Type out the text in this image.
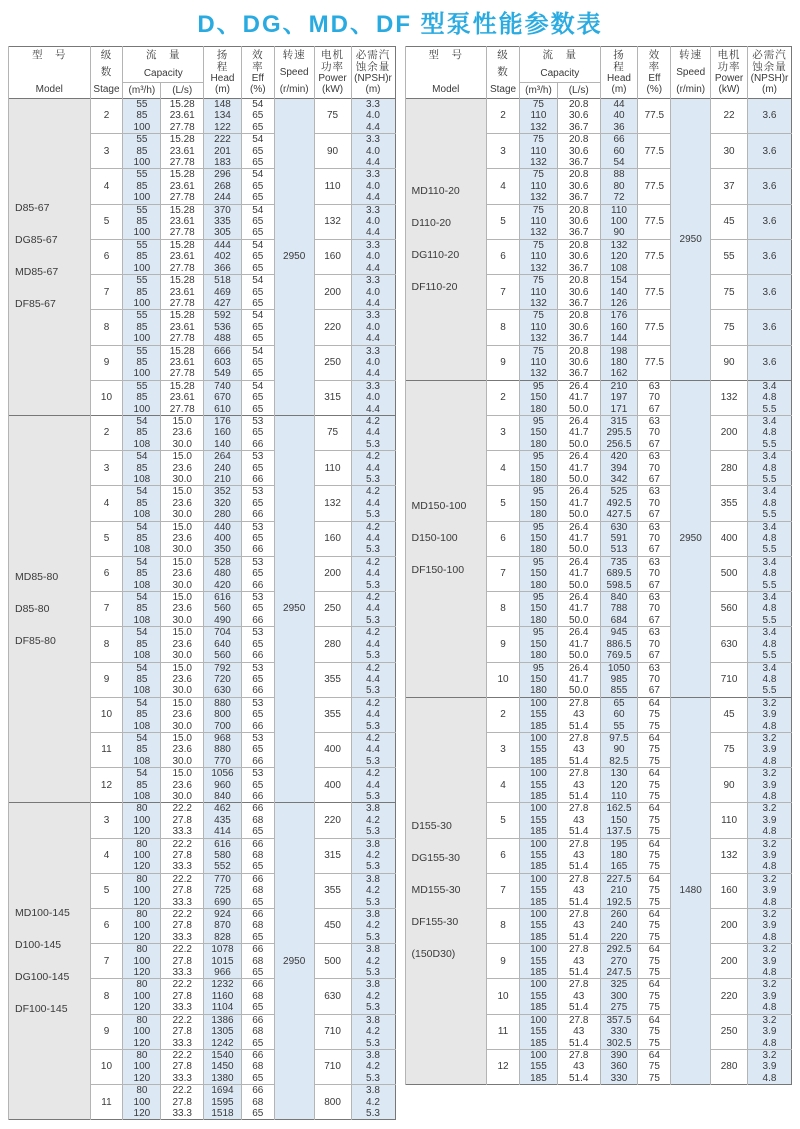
D、DG、MD、DF 型泵性能参数表
型　号
Model

级
数
Stage

流　量
Capacity

扬
程
Head
(m)

效
率
Eff
(%)

转速
Speed
(r/min)

电机
功率
Power
(kW)

必需汽
蚀余量
(NPSH)r
(m)

		(m³/h)	(L/s)					

D85-67
DG85-67
MD85-67
DF85-67	2	55	15.28	148	54	2950	75	3.3
		85	23.61	134	65			4.0
		100	27.78	122	65			4.4
	3	55	15.28	222	54		90	3.3
		85	23.61	201	65			4.0
		100	27.78	183	65			4.4
	4	55	15.28	296	54		110	3.3
		85	23.61	268	65			4.0
		100	27.78	244	65			4.4
	5	55	15.28	370	54		132	3.3
		85	23.61	335	65			4.0
		100	27.78	305	65			4.4
	6	55	15.28	444	54		160	3.3
		85	23.61	402	65			4.0
		100	27.78	366	65			4.4
	7	55	15.28	518	54		200	3.3
		85	23.61	469	65			4.0
		100	27.78	427	65			4.4
	8	55	15.28	592	54		220	3.3
		85	23.61	536	65			4.0
		100	27.78	488	65			4.4
	9	55	15.28	666	54		250	3.3
		85	23.61	603	65			4.0
		100	27.78	549	65			4.4
	10	55	15.28	740	54		315	3.3
		85	23.61	670	65			4.0
		100	27.78	610	65			4.4

MD85-80
D85-80
DF85-80	2	54	15.0	176	53	2950	75	4.2
		85	23.6	160	65			4.4
		108	30.0	140	66			5.3
	3	54	15.0	264	53		110	4.2
		85	23.6	240	65			4.4
		108	30.0	210	66			5.3
	4	54	15.0	352	53		132	4.2
		85	23.6	320	65			4.4
		108	30.0	280	66			5.3
	5	54	15.0	440	53		160	4.2
		85	23.6	400	65			4.4
		108	30.0	350	66			5.3
	6	54	15.0	528	53		200	4.2
		85	23.6	480	65			4.4
		108	30.0	420	66			5.3
	7	54	15.0	616	53		250	4.2
		85	23.6	560	65			4.4
		108	30.0	490	66			5.3
	8	54	15.0	704	53		280	4.2
		85	23.6	640	65			4.4
		108	30.0	560	66			5.3
	9	54	15.0	792	53		355	4.2
		85	23.6	720	65			4.4
		108	30.0	630	66			5.3
	10	54	15.0	880	53		355	4.2
		85	23.6	800	65			4.4
		108	30.0	700	66			5.3
	11	54	15.0	968	53		400	4.2
		85	23.6	880	65			4.4
		108	30.0	770	66			5.3
	12	54	15.0	1056	53		400	4.2
		85	23.6	960	65			4.4
		108	30.0	840	66			5.3

MD100-145
D100-145
DG100-145
DF100-145	3	80	22.2	462	66	2950	220	3.8
		100	27.8	435	68			4.2
		120	33.3	414	65			5.3
	4	80	22.2	616	66		315	3.8
		100	27.8	580	68			4.2
		120	33.3	552	65			5.3
	5	80	22.2	770	66		355	3.8
		100	27.8	725	68			4.2
		120	33.3	690	65			5.3
	6	80	22.2	924	66		450	3.8
		100	27.8	870	68			4.2
		120	33.3	828	65			5.3
	7	80	22.2	1078	66		500	3.8
		100	27.8	1015	68			4.2
		120	33.3	966	65			5.3
	8	80	22.2	1232	66		630	3.8
		100	27.8	1160	68			4.2
		120	33.3	1104	65			5.3
	9	80	22.2	1386	66		710	3.8
		100	27.8	1305	68			4.2
		120	33.3	1242	65			5.3
	10	80	22.2	1540	66		710	3.8
		100	27.8	1450	68			4.2
		120	33.3	1380	65			5.3
	11	80	22.2	1694	66		800	3.8
		100	27.8	1595	68			4.2
		120	33.3	1518	65			5.3
型　号
Model

级
数
Stage

流　量
Capacity

扬
程
Head
(m)

效
率
Eff
(%)

转速
Speed
(r/min)

电机
功率
Power
(kW)

必需汽
蚀余量
(NPSH)r
(m)

		(m³/h)	(L/s)					

MD110-20
D110-20
DG110-20
DF110-20	2	75	20.8	44	77.5	2950	22	3.6
		110	30.6	40				
		132	36.7	36				
	3	75	20.8	66	77.5		30	3.6
		110	30.6	60				
		132	36.7	54				
	4	75	20.8	88	77.5		37	3.6
		110	30.6	80				
		132	36.7	72				
	5	75	20.8	110	77.5		45	3.6
		110	30.6	100				
		132	36.7	90				
	6	75	20.8	132	77.5		55	3.6
		110	30.6	120				
		132	36.7	108				
	7	75	20.8	154	77.5		75	3.6
		110	30.6	140				
		132	36.7	126				
	8	75	20.8	176	77.5		75	3.6
		110	30.6	160				
		132	36.7	144				
	9	75	20.8	198	77.5		90	3.6
		110	30.6	180				
		132	36.7	162				

MD150-100
D150-100
DF150-100	2	95	26.4	210	63	2950	132	3.4
		150	41.7	197	70			4.8
		180	50.0	171	67			5.5
	3	95	26.4	315	63		200	3.4
		150	41.7	295.5	70			4.8
		180	50.0	256.5	67			5.5
	4	95	26.4	420	63		280	3.4
		150	41.7	394	70			4.8
		180	50.0	342	67			5.5
	5	95	26.4	525	63		355	3.4
		150	41.7	492.5	70			4.8
		180	50.0	427.5	67			5.5
	6	95	26.4	630	63		400	3.4
		150	41.7	591	70			4.8
		180	50.0	513	67			5.5
	7	95	26.4	735	63		500	3.4
		150	41.7	689.5	70			4.8
		180	50.0	598.5	67			5.5
	8	95	26.4	840	63		560	3.4
		150	41.7	788	70			4.8
		180	50.0	684	67			5.5
	9	95	26.4	945	63		630	3.4
		150	41.7	886.5	70			4.8
		180	50.0	769.5	67			5.5
	10	95	26.4	1050	63		710	3.4
		150	41.7	985	70			4.8
		180	50.0	855	67			5.5

D155-30
DG155-30
MD155-30
DF155-30
(150D30)	2	100	27.8	65	64	1480	45	3.2
		155	43	60	75			3.9
		185	51.4	55	75			4.8
	3	100	27.8	97.5	64		75	3.2
		155	43	90	75			3.9
		185	51.4	82.5	75			4.8
	4	100	27.8	130	64		90	3.2
		155	43	120	75			3.9
		185	51.4	110	75			4.8
	5	100	27.8	162.5	64		110	3.2
		155	43	150	75			3.9
		185	51.4	137.5	75			4.8
	6	100	27.8	195	64		132	3.2
		155	43	180	75			3.9
		185	51.4	165	75			4.8
	7	100	27.8	227.5	64		160	3.2
		155	43	210	75			3.9
		185	51.4	192.5	75			4.8
	8	100	27.8	260	64		200	3.2
		155	43	240	75			3.9
		185	51.4	220	75			4.8
	9	100	27.8	292.5	64		200	3.2
		155	43	270	75			3.9
		185	51.4	247.5	75			4.8
	10	100	27.8	325	64		220	3.2
		155	43	300	75			3.9
		185	51.4	275	75			4.8
	11	100	27.8	357.5	64		250	3.2
		155	43	330	75			3.9
		185	51.4	302.5	75			4.8
	12	100	27.8	390	64		280	3.2
		155	43	360	75			3.9
		185	51.4	330	75			4.8
